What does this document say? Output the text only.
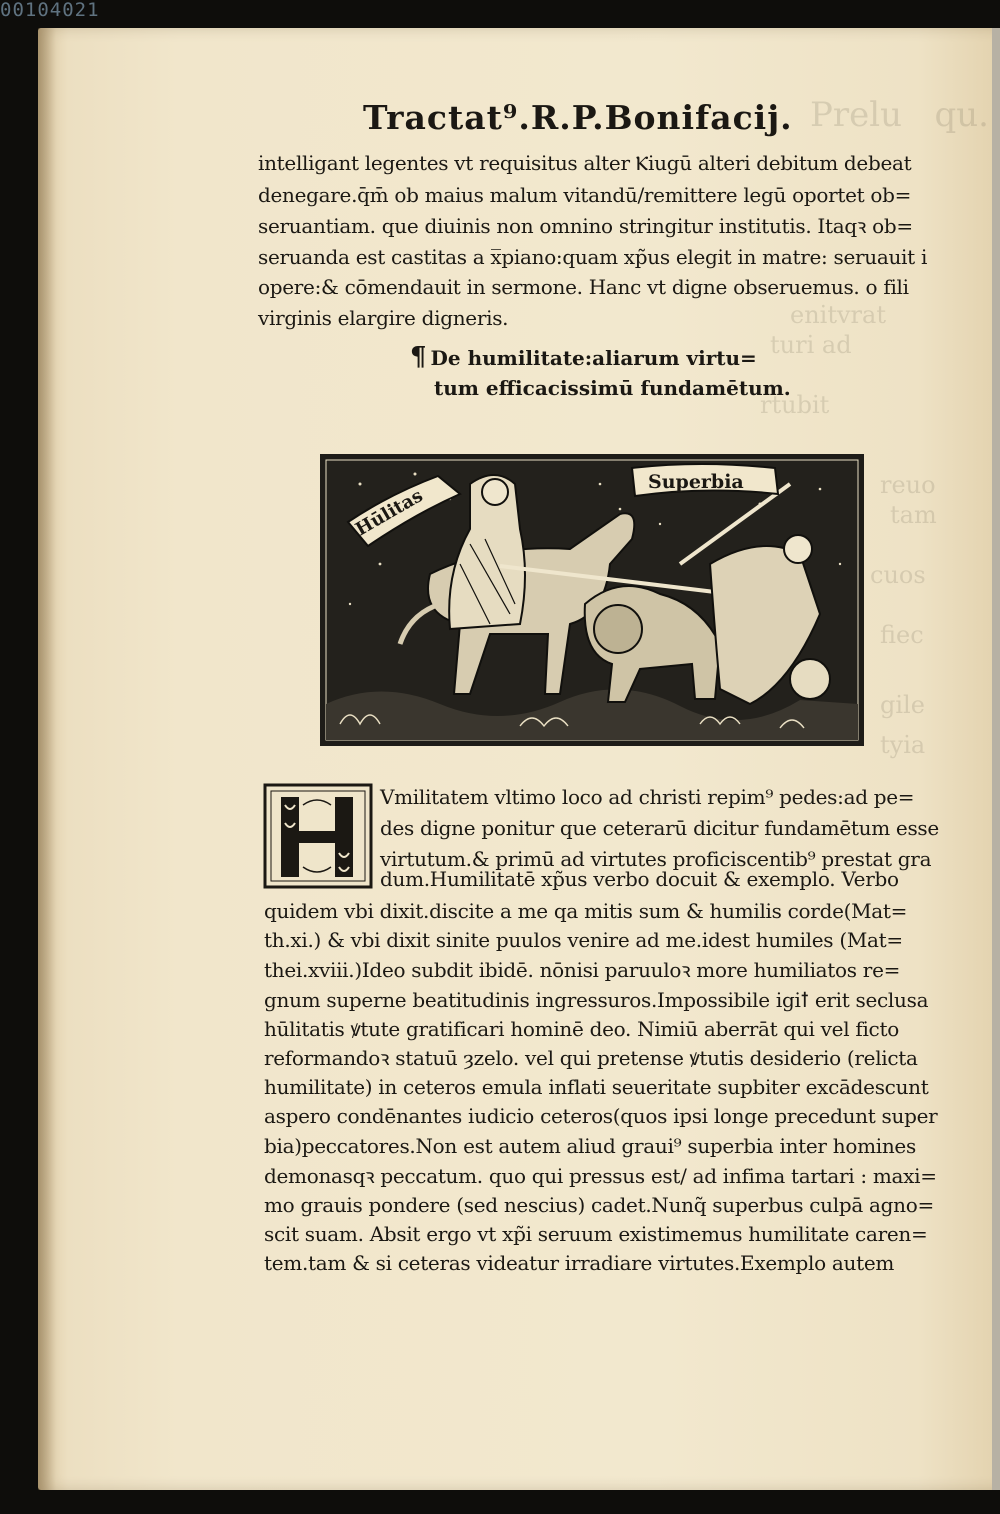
00104021
Tractat⁹.R.P.Bonifacij.
intelligant legentes vt requisitus alter Ⲕiugū alteri debitum debeat
denegare.q̄m̄ ob maius malum vitandū/remittere legū oportet ob=
seruantiam. que diuinis non omnino stringitur institutis. Itaqꝛ ob=
seruanda est castitas a x̅piano:quam xp̃us elegit in matre: seruauit i
opere:& cōmendauit in sermone. Hanc vt digne obseruemus. o fili
virginis elargire digneris.
¶ De humilitate:aliarum virtu=
tum efficacissimū fundamētum.
Hūlitas
Superbia
H
Vmilitatem vltimo loco ad christi repim⁹ pedes:ad pe=
des digne ponitur que ceterarū dicitur fundamētum esse
virtutum.& primū ad virtutes proficiscentib⁹ prestat gra
dum.Humilitatē xp̃us verbo docuit & exemplo. Verbo
quidem vbi dixit.discite a me qa mitis sum & humilis corde(Mat=
th.xi.) & vbi dixit sinite puulos venire ad me.idest humiles (Mat=
thei.xviii.)Ideo subdit ibidē. nōnisi paruuloꝛ more humiliatos re=
gnum superne beatitudinis ingressuros.Impossibile igiꝉ erit seclusa
hūlitatis ꝟtute gratificari hominē deo. Nimiū aberrāt qui vel ficto
reformandoꝛ statuū ȝzelo. vel qui pretense ꝟtutis desiderio (relicta
humilitate) in ceteros emula inflati seueritate supbiter excādescunt
aspero condēnantes iudicio ceteros(quos ipsi longe precedunt super
bia)peccatores.Non est autem aliud graui⁹ superbia inter homines
demonasqꝛ peccatum. quo qui pressus est/ ad infima tartari : maxi=
mo grauis pondere (sed nescius) cadet.Nunq̃ superbus culpā agno=
scit suam. Absit ergo vt xp̃i seruum existimemus humilitate caren=
tem.tam & si ceteras videatur irradiare virtutes.Exemplo autem
